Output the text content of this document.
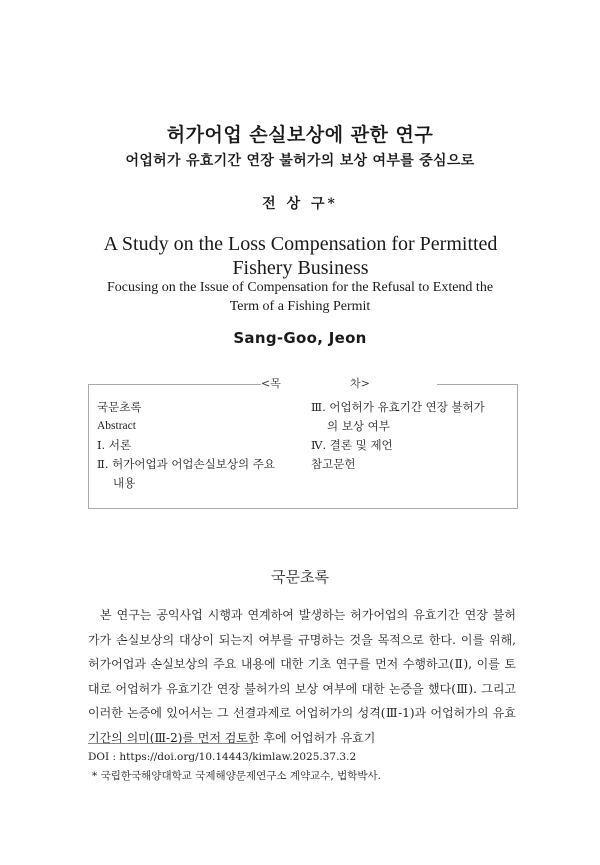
허가어업 손실보상에 관한 연구
어업허가 유효기간 연장 불허가의 보상 여부를 중심으로
전 상 구*
A Study on the Loss Compensation for Permitted Fishery Business
Focusing on the Issue of Compensation for the Refusal to Extend the Term of a Fishing Permit
Sang-Goo, Jeon
<목	차>
국문초록
Abstract
Ⅰ. 서론
Ⅱ. 허가어업과 어업손실보상의 주요
내용
Ⅲ. 어업허가 유효기간 연장 불허가
의 보상 여부
Ⅳ. 결론 및 제언
참고문헌
국문초록
본 연구는 공익사업 시행과 연계하여 발생하는 허가어업의 유효기간 연장 불허가가 손실보상의 대상이 되는지 여부를 규명하는 것을 목적으로 한다. 이를 위해, 허가어업과 손실보상의 주요 내용에 대한 기초 연구를 먼저 수행하고(Ⅱ), 이를 토대로 어업허가 유효기간 연장 불허가의 보상 여부에 대한 논증을 했다(Ⅲ). 그리고 이러한 논증에 있어서는 그 선결과제로 어업허가의 성격(Ⅲ-1)과 어업허가의 유효기간의 의미(Ⅲ-2)를 먼저 검토한 후에 어업허가 유효기
DOI : https://doi.org/10.14443/kimlaw.2025.37.3.2
* 국립한국해양대학교 국제해양문제연구소 계약교수, 법학박사.
